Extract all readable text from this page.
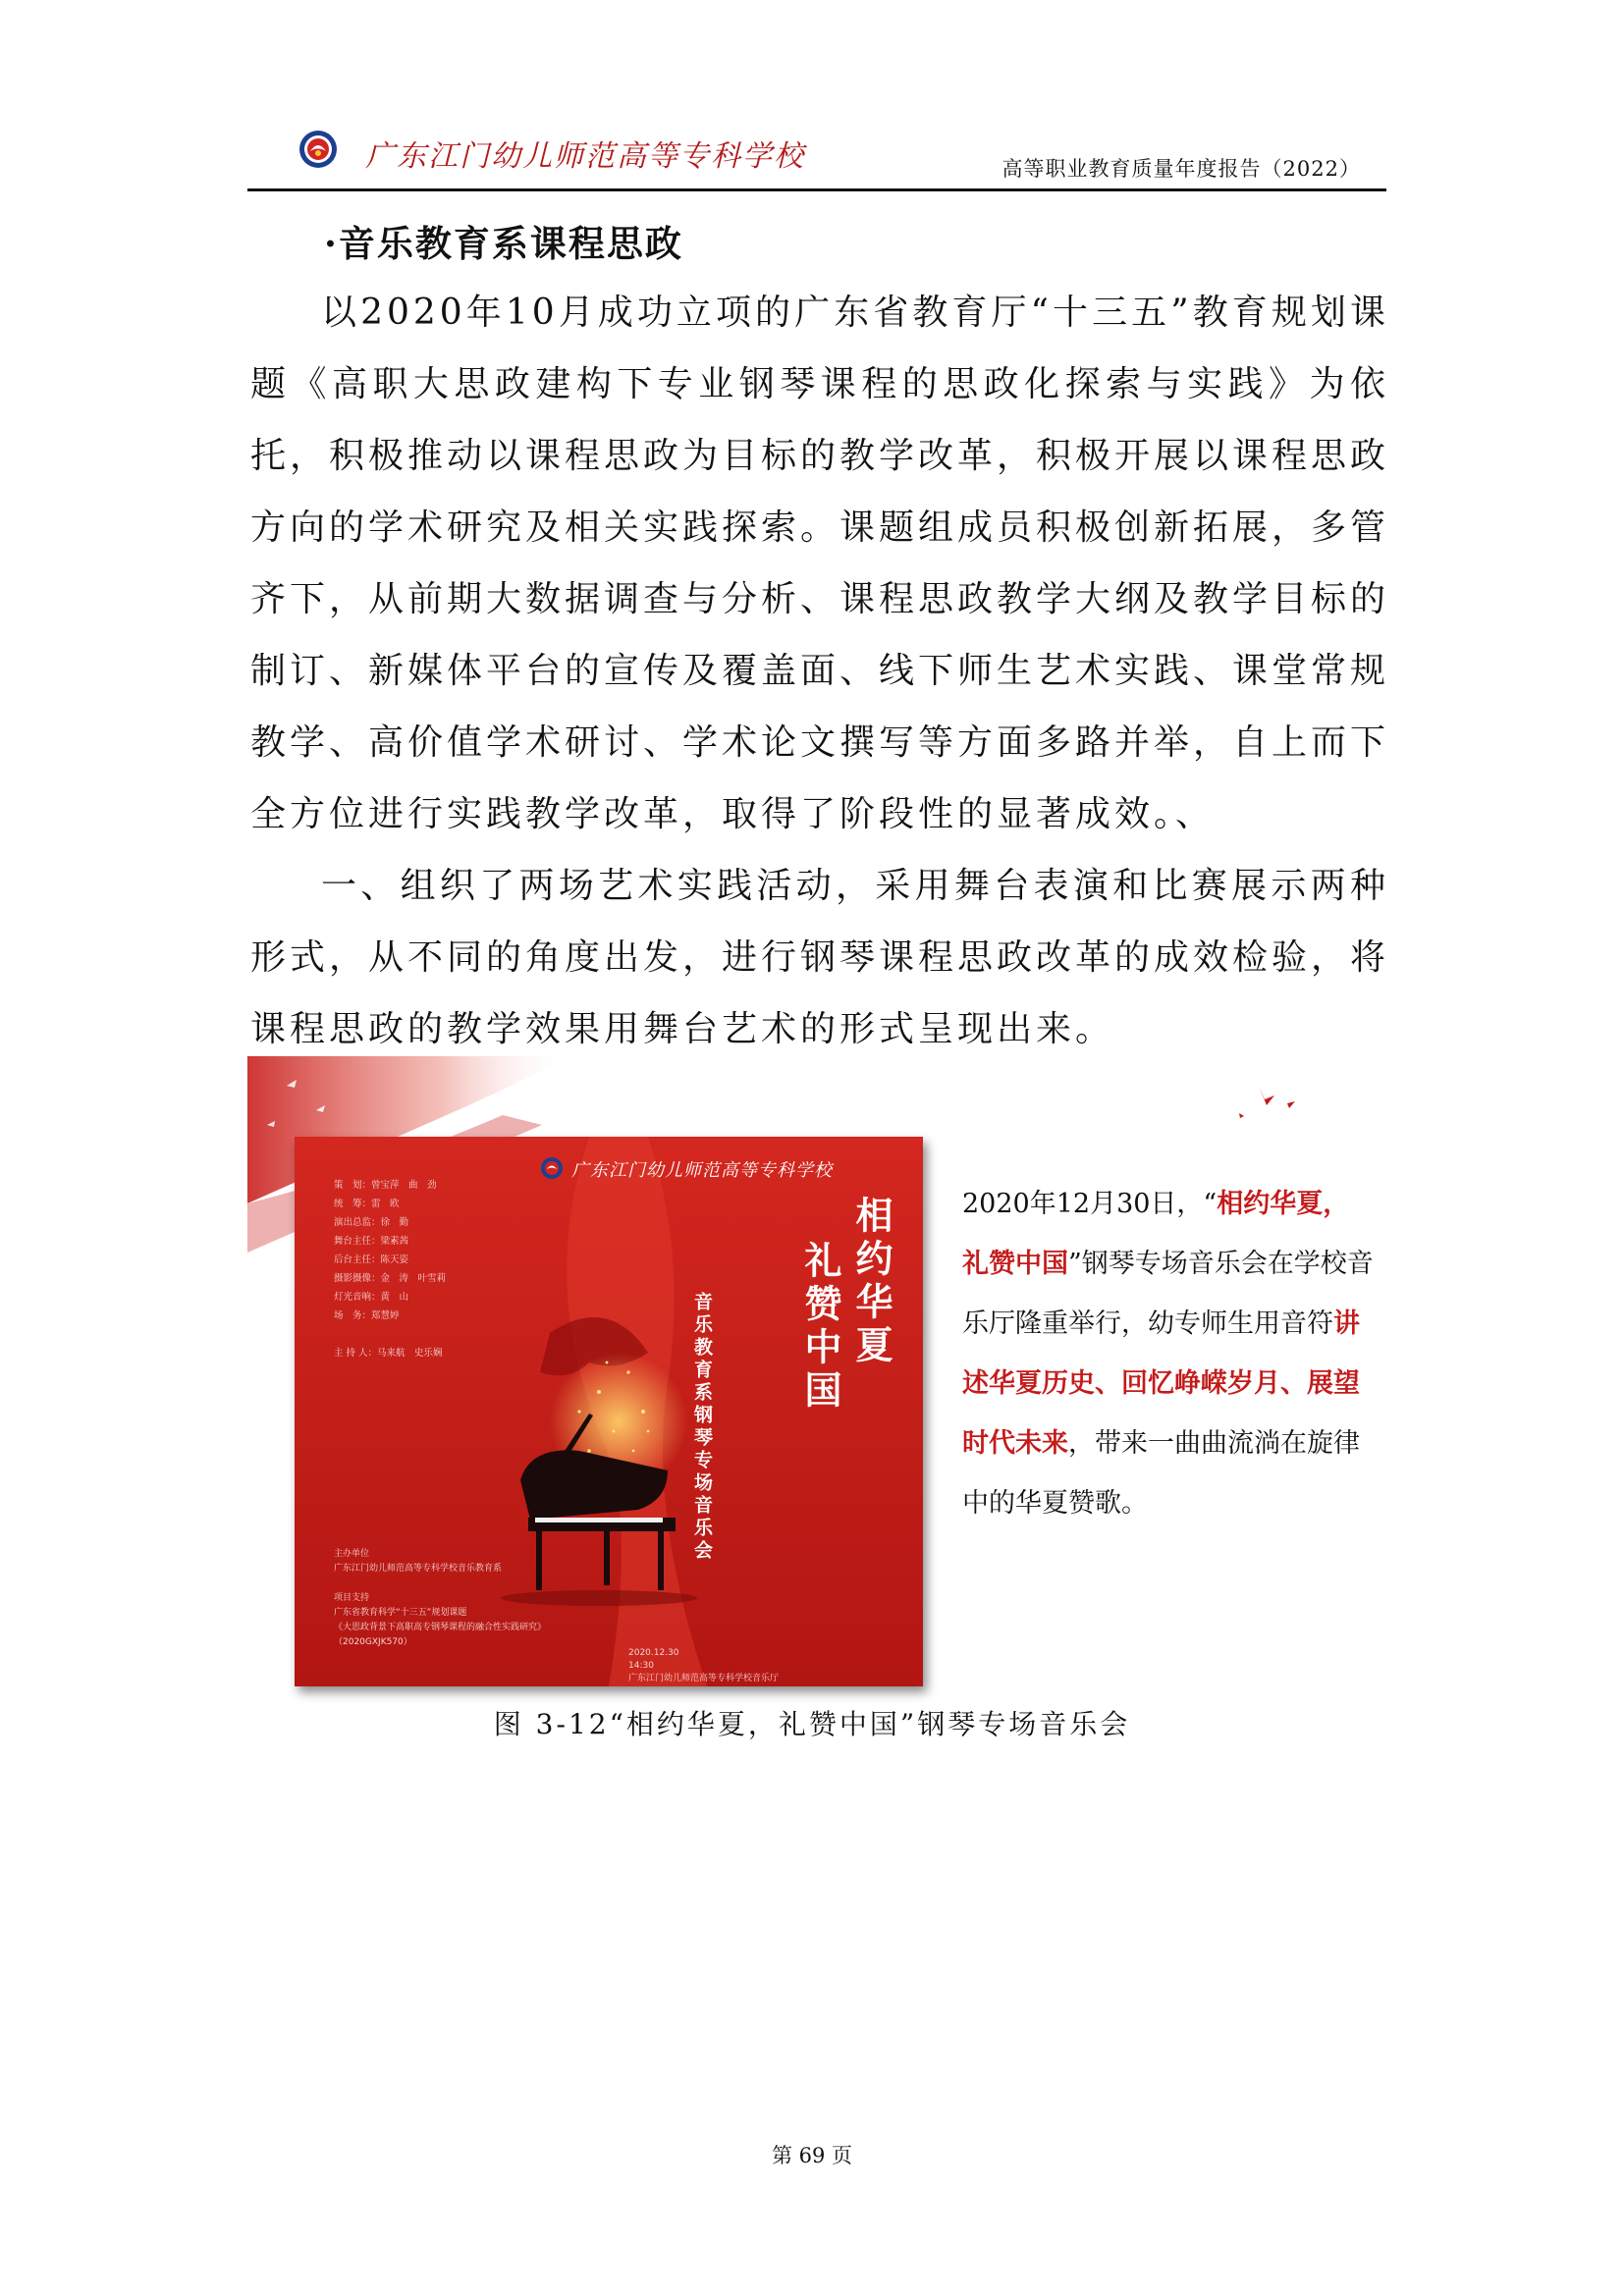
广东江门幼儿师范高等专科学校	高等职业教育质量年度报告（2022）
·音乐教育系课程思政

以2020年10月成功立项的广东省教育厅“十三五”教育规划课题《高职大思政建构下专业钢琴课程的思政化探索与实践》为依托，积极推动以课程思政为目标的教学改革，积极开展以课程思政方向的学术研究及相关实践探索。课题组成员积极创新拓展，多管齐下，从前期大数据调查与分析、课程思政教学大纲及教学目标的制订、新媒体平台的宣传及覆盖面、线下师生艺术实践、课堂常规教学、高价值学术研讨、学术论文撰写等方面多路并举，自上而下全方位进行实践教学改革，取得了阶段性的显著成效。、

一、组织了两场艺术实践活动，采用舞台表演和比赛展示两种形式，从不同的角度出发，进行钢琴课程思政改革的成效检验，将课程思政的教学效果用舞台艺术的形式呈现出来。

广东江门幼儿师范高等专科学校
相约华夏
礼赞中国
音乐教育系钢琴专场音乐会
策　划：曾宝萍　曲　劲
统　筹：雷　欧
演出总监：徐　勤
舞台主任：梁素茜
后台主任：陈天姿
摄影摄像：金　涛　叶雪莉
灯光音响：黄　山
场　务：郑慧婷

主 持 人：马来航　史乐娴
主办单位
广东江门幼儿师范高等专科学校音乐教育系

项目支持
广东省教育科学“十三五”规划课题
《大思政背景下高职高专钢琴课程的融合性实践研究》
（2020GXJK570）
2020.12.30
14:30
广东江门幼儿师范高等专科学校音乐厅
2020年12月30日，“相约华夏，礼赞中国”钢琴专场音乐会在学校音乐厅隆重举行，幼专师生用音符讲述华夏历史、回忆峥嵘岁月、展望时代未来，带来一曲曲流淌在旋律中的华夏赞歌。
图 3-12“相约华夏，礼赞中国”钢琴专场音乐会
第 69 页
